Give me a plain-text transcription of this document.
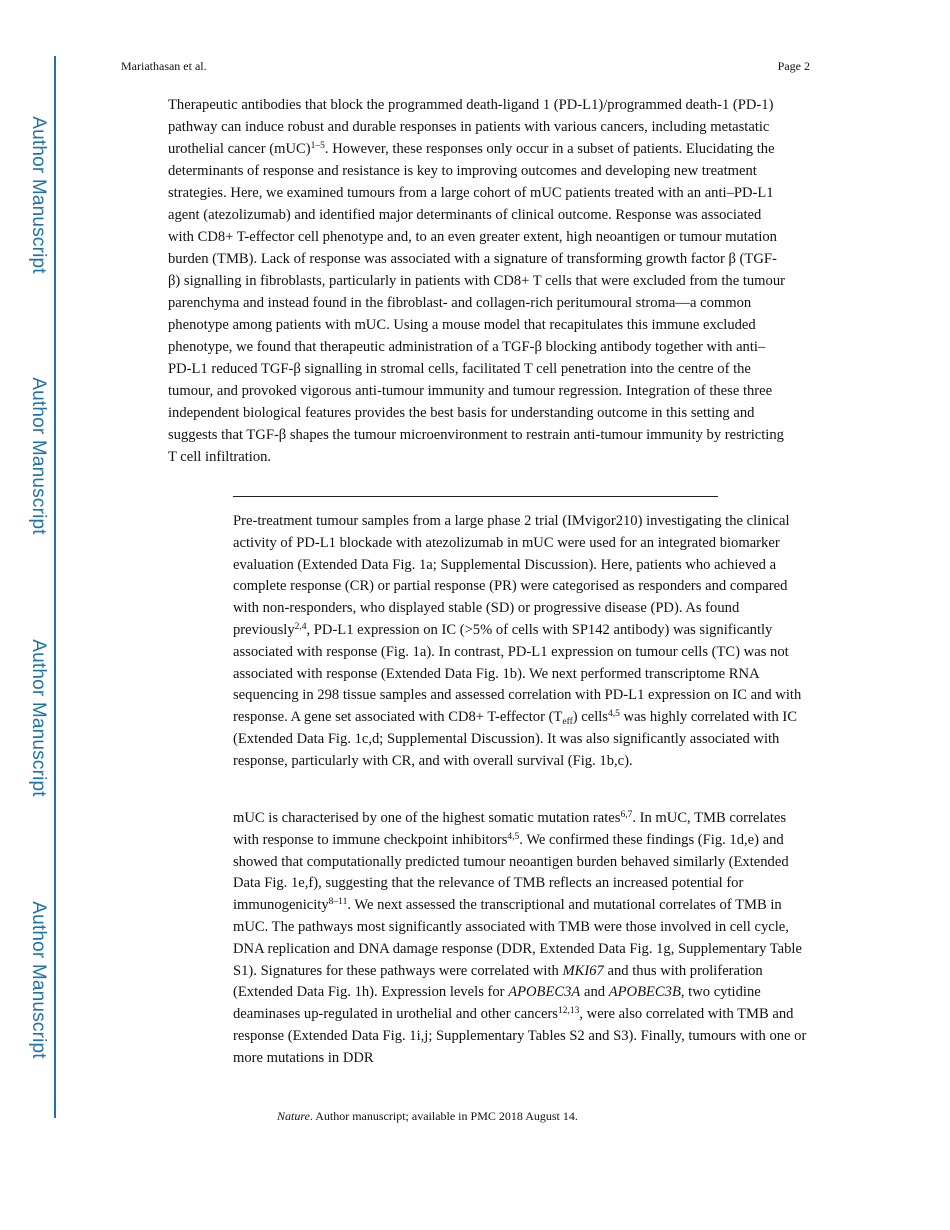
Author Manuscript
Author Manuscript
Author Manuscript
Author Manuscript
Mariathasan et al.	Page 2

Therapeutic antibodies that block the programmed death-ligand 1 (PD-L1)/programmed death-1 (PD-1) pathway can induce robust and durable responses in patients with various cancers, including metastatic urothelial cancer (mUC)$^{1-5}$. However, these responses only occur in a subset of patients. Elucidating the determinants of response and resistance is key to improving outcomes and developing new treatment strategies. Here, we examined tumours from a large cohort of mUC patients treated with an anti–PD-L1 agent (atezolizumab) and identified major determinants of clinical outcome. Response was associated with CD8+ T-effector cell phenotype and, to an even greater extent, high neoantigen or tumour mutation burden (TMB). Lack of response was associated with a signature of transforming growth factor β (TGF-β) signalling in fibroblasts, particularly in patients with CD8+ T cells that were excluded from the tumour parenchyma and instead found in the fibroblast- and collagen-rich peritumoural stroma—a common phenotype among patients with mUC. Using a mouse model that recapitulates this immune excluded phenotype, we found that therapeutic administration of a TGF-β blocking antibody together with anti–PD-L1 reduced TGF-β signalling in stromal cells, facilitated T cell penetration into the centre of the tumour, and provoked vigorous anti-tumour immunity and tumour regression. Integration of these three independent biological features provides the best basis for understanding outcome in this setting and suggests that TGF-β shapes the tumour microenvironment to restrain anti-tumour immunity by restricting T cell infiltration.

Pre-treatment tumour samples from a large phase 2 trial (IMvigor210) investigating the clinical activity of PD-L1 blockade with atezolizumab in mUC were used for an integrated biomarker evaluation (Extended Data Fig. 1a; Supplemental Discussion). Here, patients who achieved a complete response (CR) or partial response (PR) were categorised as responders and compared with non-responders, who displayed stable (SD) or progressive disease (PD). As found previously$^{2,4}$, PD-L1 expression on IC (>5% of cells with SP142 antibody) was significantly associated with response (Fig. 1a). In contrast, PD-L1 expression on tumour cells (TC) was not associated with response (Extended Data Fig. 1b). We next performed transcriptome RNA sequencing in 298 tissue samples and assessed correlation with PD-L1 expression on IC and with response. A gene set associated with CD8+ T-effector $(T_{eff})$ cells$^{4,5}$ was highly correlated with IC (Extended Data Fig. 1c,d; Supplemental Discussion). It was also significantly associated with response, particularly with CR, and with overall survival (Fig. 1b,c).

mUC is characterised by one of the highest somatic mutation rates$^{6,7}$. In mUC, TMB correlates with response to immune checkpoint inhibitors$^{4,5}$. We confirmed these findings (Fig. 1d,e) and showed that computationally predicted tumour neoantigen burden behaved similarly (Extended Data Fig. 1e,f), suggesting that the relevance of TMB reflects an increased potential for immunogenicity$^{8-11}$. We next assessed the transcriptional and mutational correlates of TMB in mUC. The pathways most significantly associated with TMB were those involved in cell cycle, DNA replication and DNA damage response (DDR, Extended Data Fig. 1g, Supplementary Table S1). Signatures for these pathways were correlated with MKI67 and thus with proliferation (Extended Data Fig. 1h). Expression levels for APOBEC3A and APOBEC3B, two cytidine deaminases up-regulated in urothelial and other cancers$^{12,13}$, were also correlated with TMB and response (Extended Data Fig. 1i,j; Supplementary Tables S2 and S3). Finally, tumours with one or more mutations in DDR

Nature. Author manuscript; available in PMC 2018 August 14.
